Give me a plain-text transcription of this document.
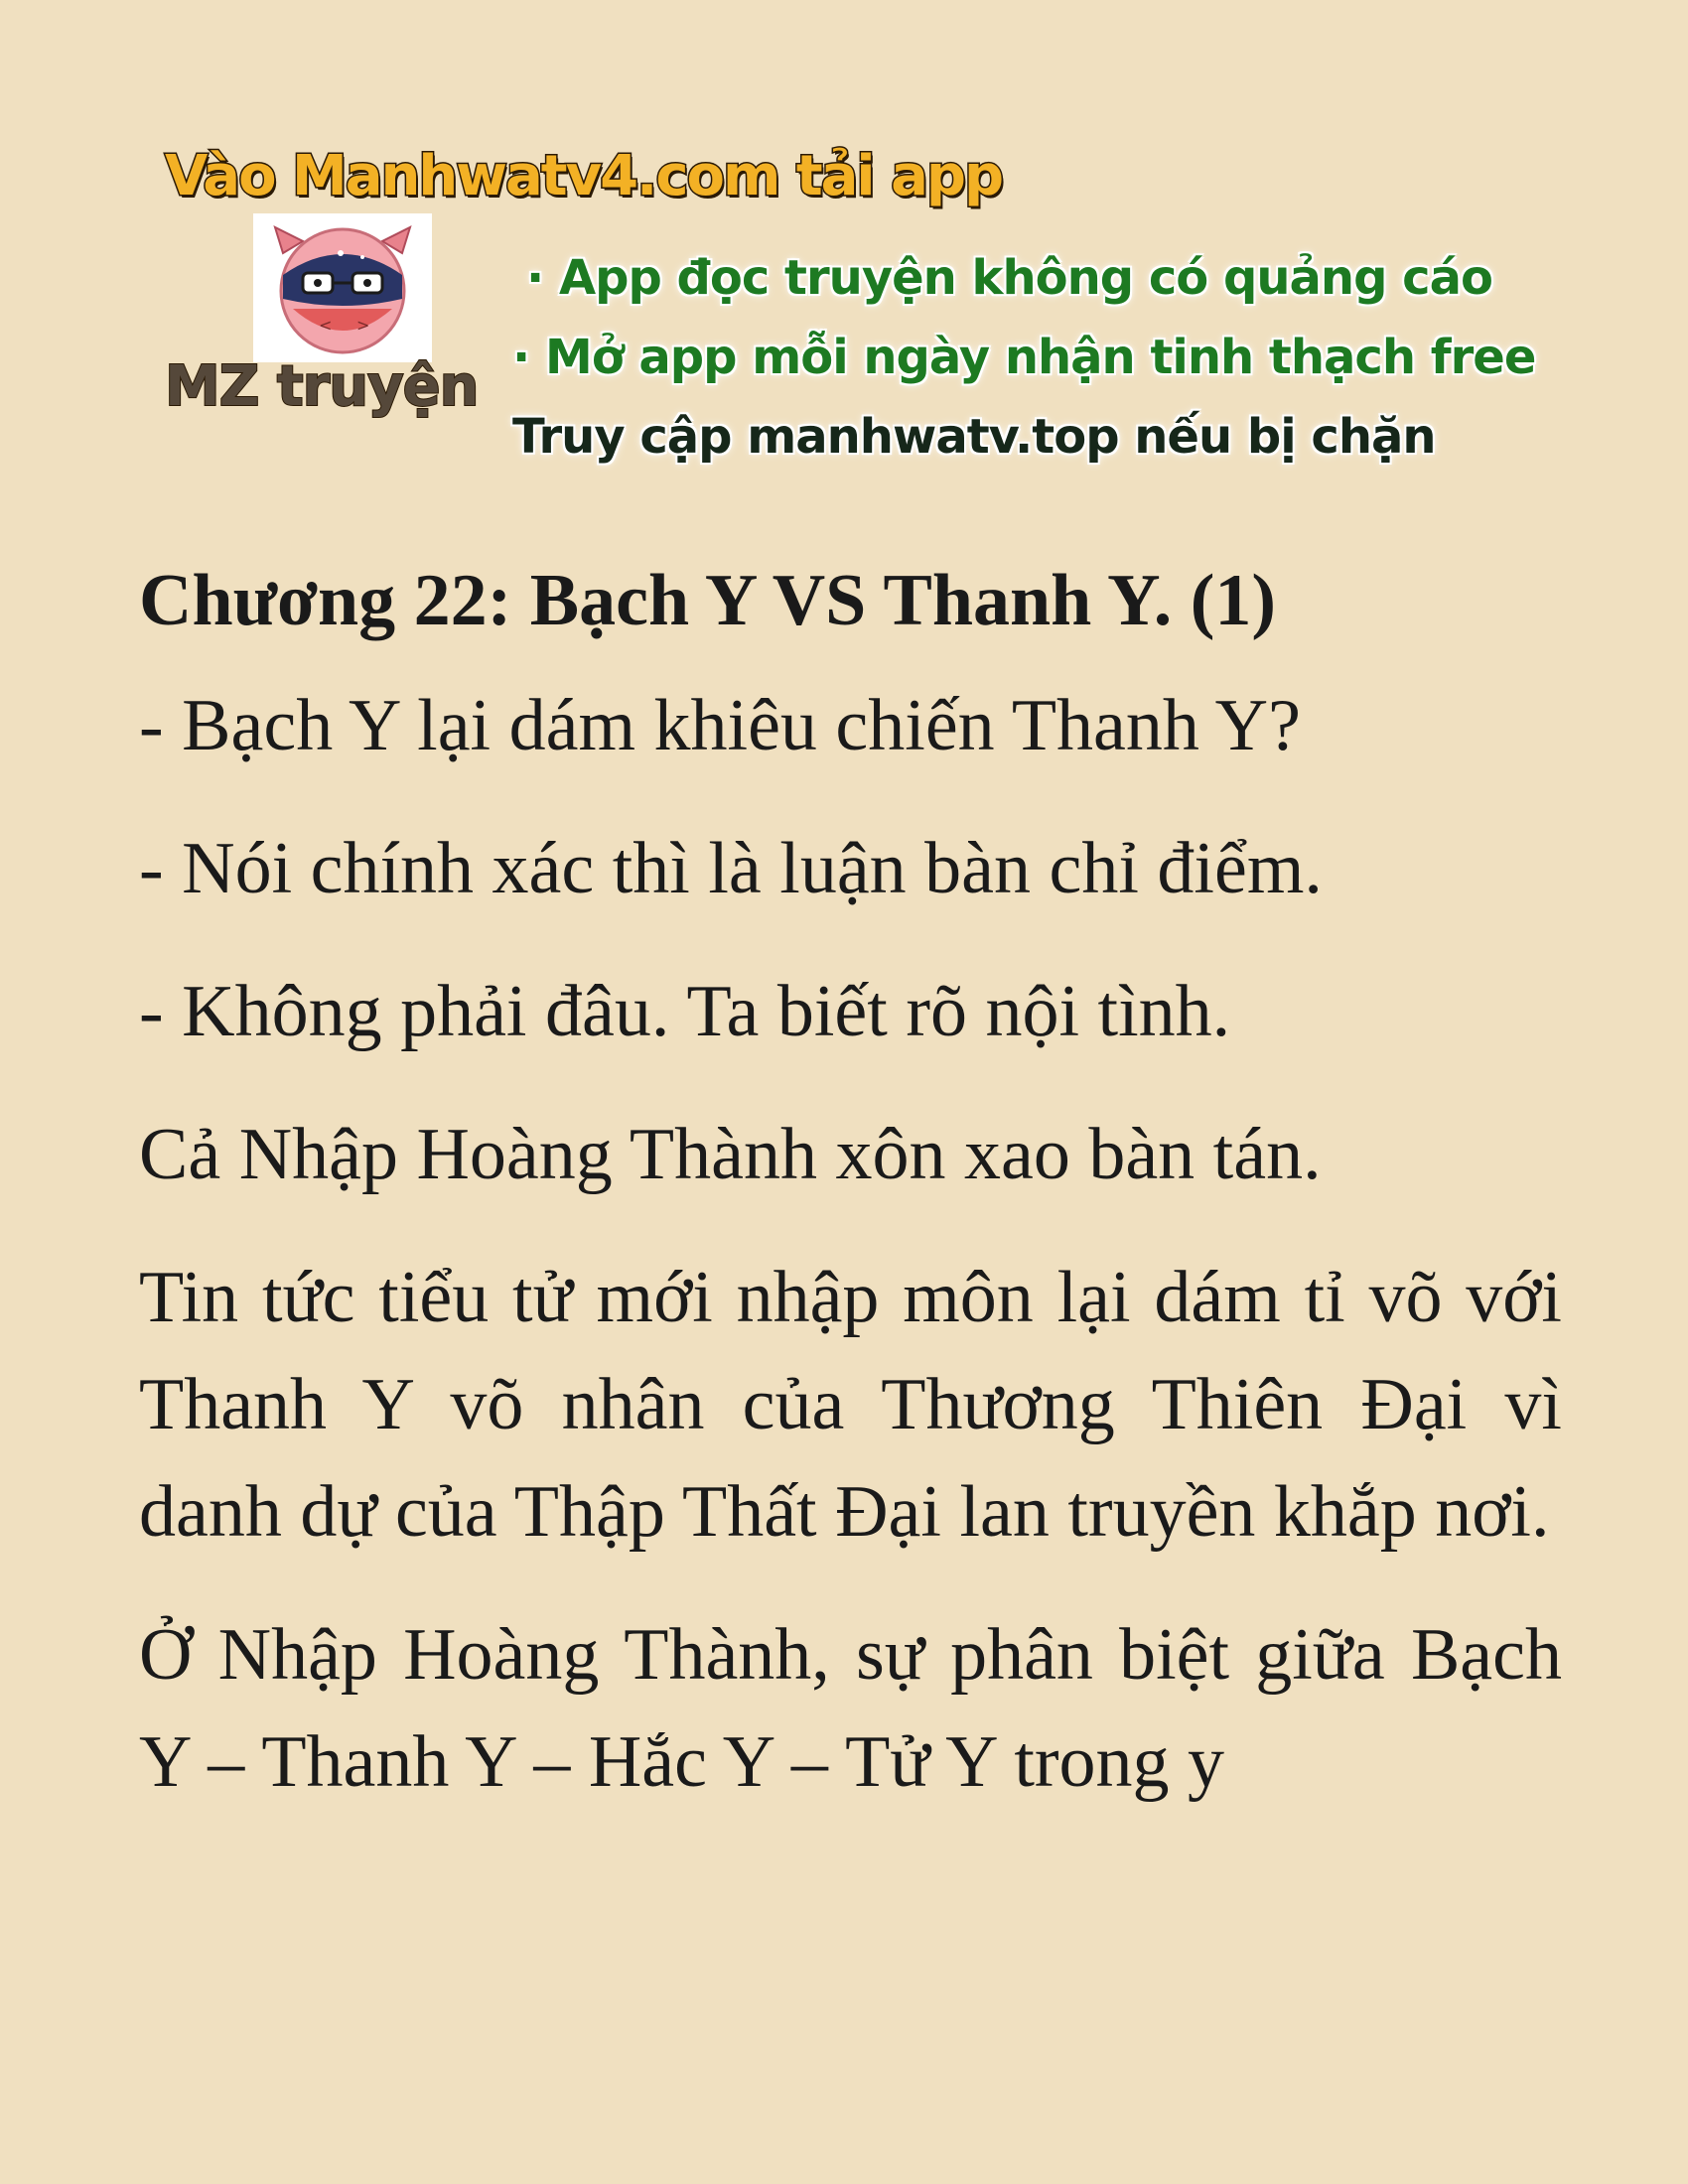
Vào Manhwatv4.com tải app
< >
MZ truyện
· App đọc truyện không có quảng cáo
· Mở app mỗi ngày nhận tinh thạch free
Truy cập manhwatv.top nếu bị chặn
Chương 22: Bạch Y VS Thanh Y. (1)

- Bạch Y lại dám khiêu chiến Thanh Y?

- Nói chính xác thì là luận bàn chỉ điểm.

- Không phải đâu. Ta biết rõ nội tình.

Cả Nhập Hoàng Thành xôn xao bàn tán.

Tin tức tiểu tử mới nhập môn lại dám tỉ võ với Thanh Y võ nhân của Thương Thiên Đại vì danh dự của Thập Thất Đại lan truyền khắp nơi.

Ở Nhập Hoàng Thành, sự phân biệt giữa Bạch Y – Thanh Y – Hắc Y – Tử Y trong y
